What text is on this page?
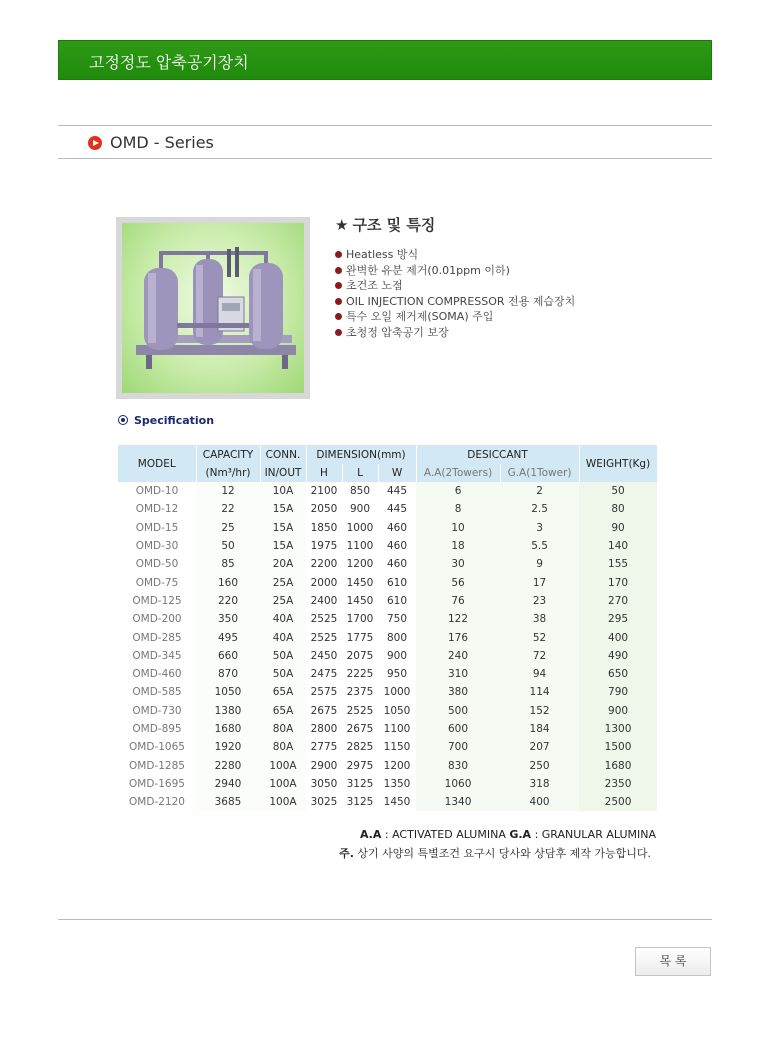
고정정도 압축공기장치
OMD - Series
★ 구조 및 특징
Heatless 방식
완벽한 유분 제거(0.01ppm 이하)
초건조 노점
OIL INJECTION COMPRESSOR 전용 제습장치
특수 오일 제거제(SOMA) 주입
초청정 압축공기 보장
Specification
MODEL	CAPACITY	CONN.	DIMENSION(mm)			DESICCANT		WEIGHT(Kg)
	(Nm³/hr)	IN/OUT	H	L	W	A.A(2Towers)	G.A(1Tower)	
OMD-10	12	10A	2100	850	445	6	2	50
OMD-12	22	15A	2050	900	445	8	2.5	80
OMD-15	25	15A	1850	1000	460	10	3	90
OMD-30	50	15A	1975	1100	460	18	5.5	140
OMD-50	85	20A	2200	1200	460	30	9	155
OMD-75	160	25A	2000	1450	610	56	17	170
OMD-125	220	25A	2400	1450	610	76	23	270
OMD-200	350	40A	2525	1700	750	122	38	295
OMD-285	495	40A	2525	1775	800	176	52	400
OMD-345	660	50A	2450	2075	900	240	72	490
OMD-460	870	50A	2475	2225	950	310	94	650
OMD-585	1050	65A	2575	2375	1000	380	114	790
OMD-730	1380	65A	2675	2525	1050	500	152	900
OMD-895	1680	80A	2800	2675	1100	600	184	1300
OMD-1065	1920	80A	2775	2825	1150	700	207	1500
OMD-1285	2280	100A	2900	2975	1200	830	250	1680
OMD-1695	2940	100A	3050	3125	1350	1060	318	2350
OMD-2120	3685	100A	3025	3125	1450	1340	400	2500
A.A : ACTIVATED ALUMINA G.A : GRANULAR ALUMINA
주. 상기 사양의 특별조건 요구시 당사와 상담후 제작 가능합니다.
목 록
